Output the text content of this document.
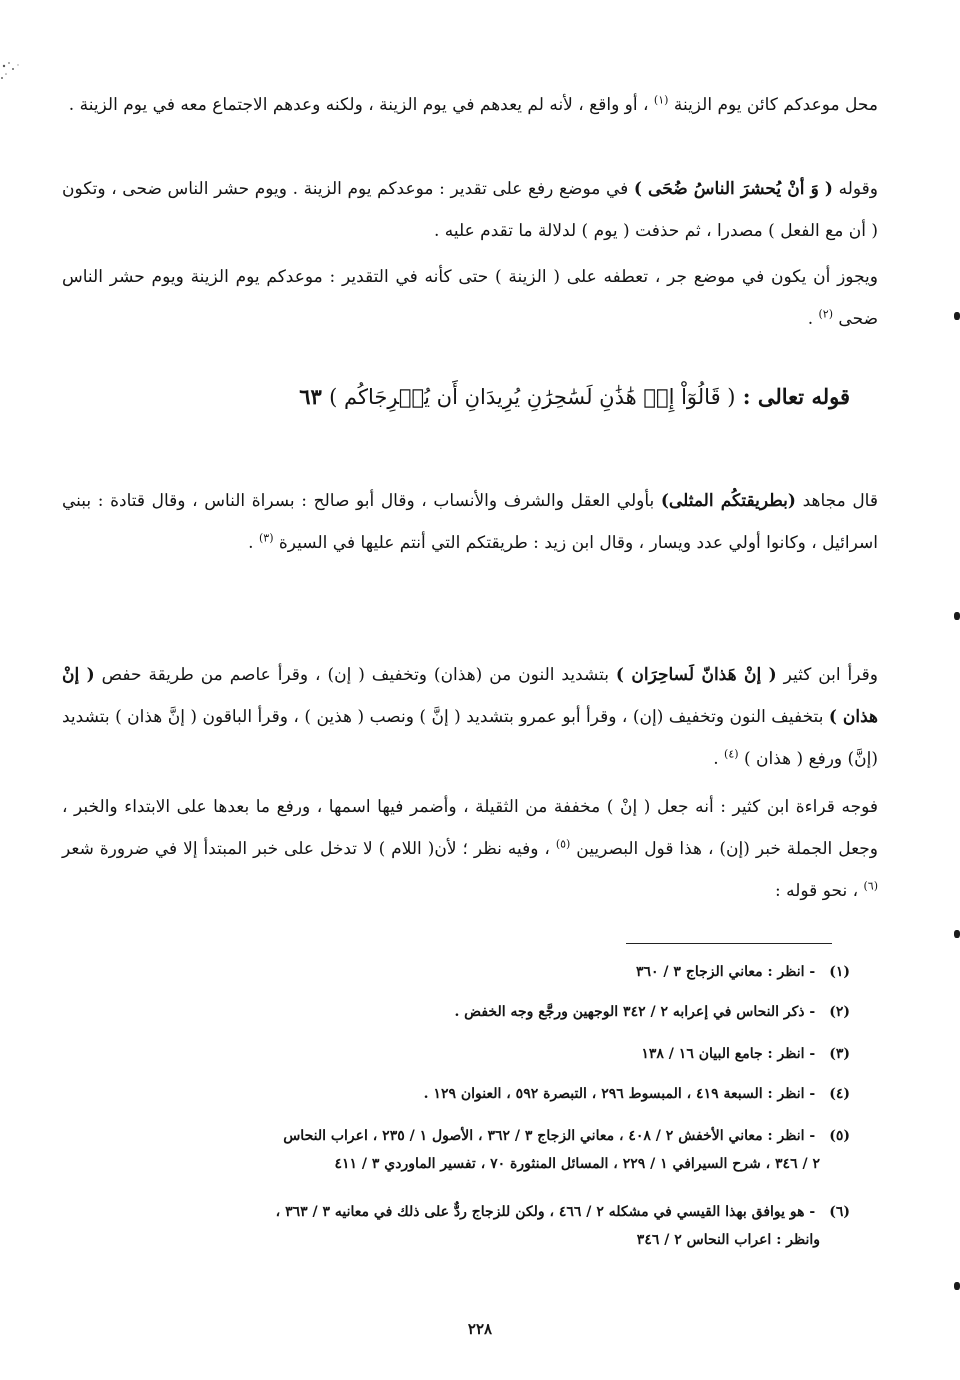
محل موعدكم كائن يوم الزينة $^{(١)}$ ، أو واقع ، لأنه لم يعدهم في يوم الزينة ، ولكنه وعدهم الاجتماع معه في يوم الزينة .

وقوله ( وَ أنْ يُحشرَ الناسُ ضُحَى ) في موضع رفع على تقدير : موعدكم يوم الزينة . ويوم حشر الناس ضحى ، وتكون ( أن مع الفعل ) مصدرا ، ثم حذفت ( يوم ) لدلالة ما تقدم عليه .

ويجوز أن يكون في موضع جر ، تعطفه على ( الزينة ) حتى كأنه في التقدير : موعدكم يوم الزينة ويوم حشر الناس ضحى $^{(٢)}$ .

قوله تعالى : ( قَالُوٓاْ إِنۡ هَٰذَٰنِ لَسَٰحِرَٰنِ يُرِيدَانِ أَن يُخۡرِجَاكُم ) ٦٣

قال مجاهد (بطريقتكُم المثلى) بأولي العقل والشرف والأنساب ، وقال أبو صالح : بسراة الناس ، وقال قتادة : ببني اسرائيل ، وكانوا أولي عدد ويسار ، وقال ابن زيد : طريقتكم التي أنتم عليها في السيرة $^{(٣)}$ .

وقرأ ابن كثير ( إنْ هَذانّ لَساحِرَان ) بتشديد النون من (هذان) وتخفيف ( إن) ، وقرأ عاصم من طريقة حفص ( إنْ هذان ) بتخفيف النون وتخفيف (إن) ، وقرأ أبو عمرو بتشديد ( إنَّ ) ونصب ( هذين ) ، وقرأ الباقون ( إنَّ هذان ) بتشديد (إنَّ) ورفع ( هذان ) $^{(٤)}$ .

فوجه قراءة ابن كثير : أنه جعل ( إنْ ) مخففة من الثقيلة ، وأضمر فيها اسمها ، ورفع ما بعدها على الابتداء والخبر ، وجعل الجملة خبر (إن) ، هذا قول البصريين $^{(٥)}$ ، وفيه نظر ؛ لأن( اللام ) لا تدخل على خبر المبتدأ إلا في ضرورة شعر $^{(٦)}$ ، نحو قوله :

(١)- انظر : معاني الزجاج ٣ / ٣٦٠

(٢)- ذكر النحاس في إعرابه ٢ / ٣٤٢ الوجهين ورجَّع وجه الخفض .

(٣)- انظر : جامع البيان ١٦ / ١٣٨

(٤)- انظر : السبعة ٤١٩ ، المبسوط ٢٩٦ ، التبصرة ٥٩٢ ، العنوان ١٢٩ .

(٥)- انظر : معاني الأخفش ٢ / ٤٠٨ ، معاني الزجاج ٣ / ٣٦٢ ، الأصول ١ / ٢٣٥ ، اعراب النحاس
٢ / ٣٤٦ ، شرح السيرافي ١ / ٢٢٩ ، المسائل المنثورة ٧٠ ، تفسير الماوردي ٣ / ٤١١

(٦)- هو يوافق بهذا القيسي في مشكله ٢ / ٤٦٦ ، ولكن للزجاج ردٌّ على ذلك في معانيه ٣ / ٣٦٣ ،
وانظر : اعراب النحاس ٢ / ٣٤٦

٢٢٨
